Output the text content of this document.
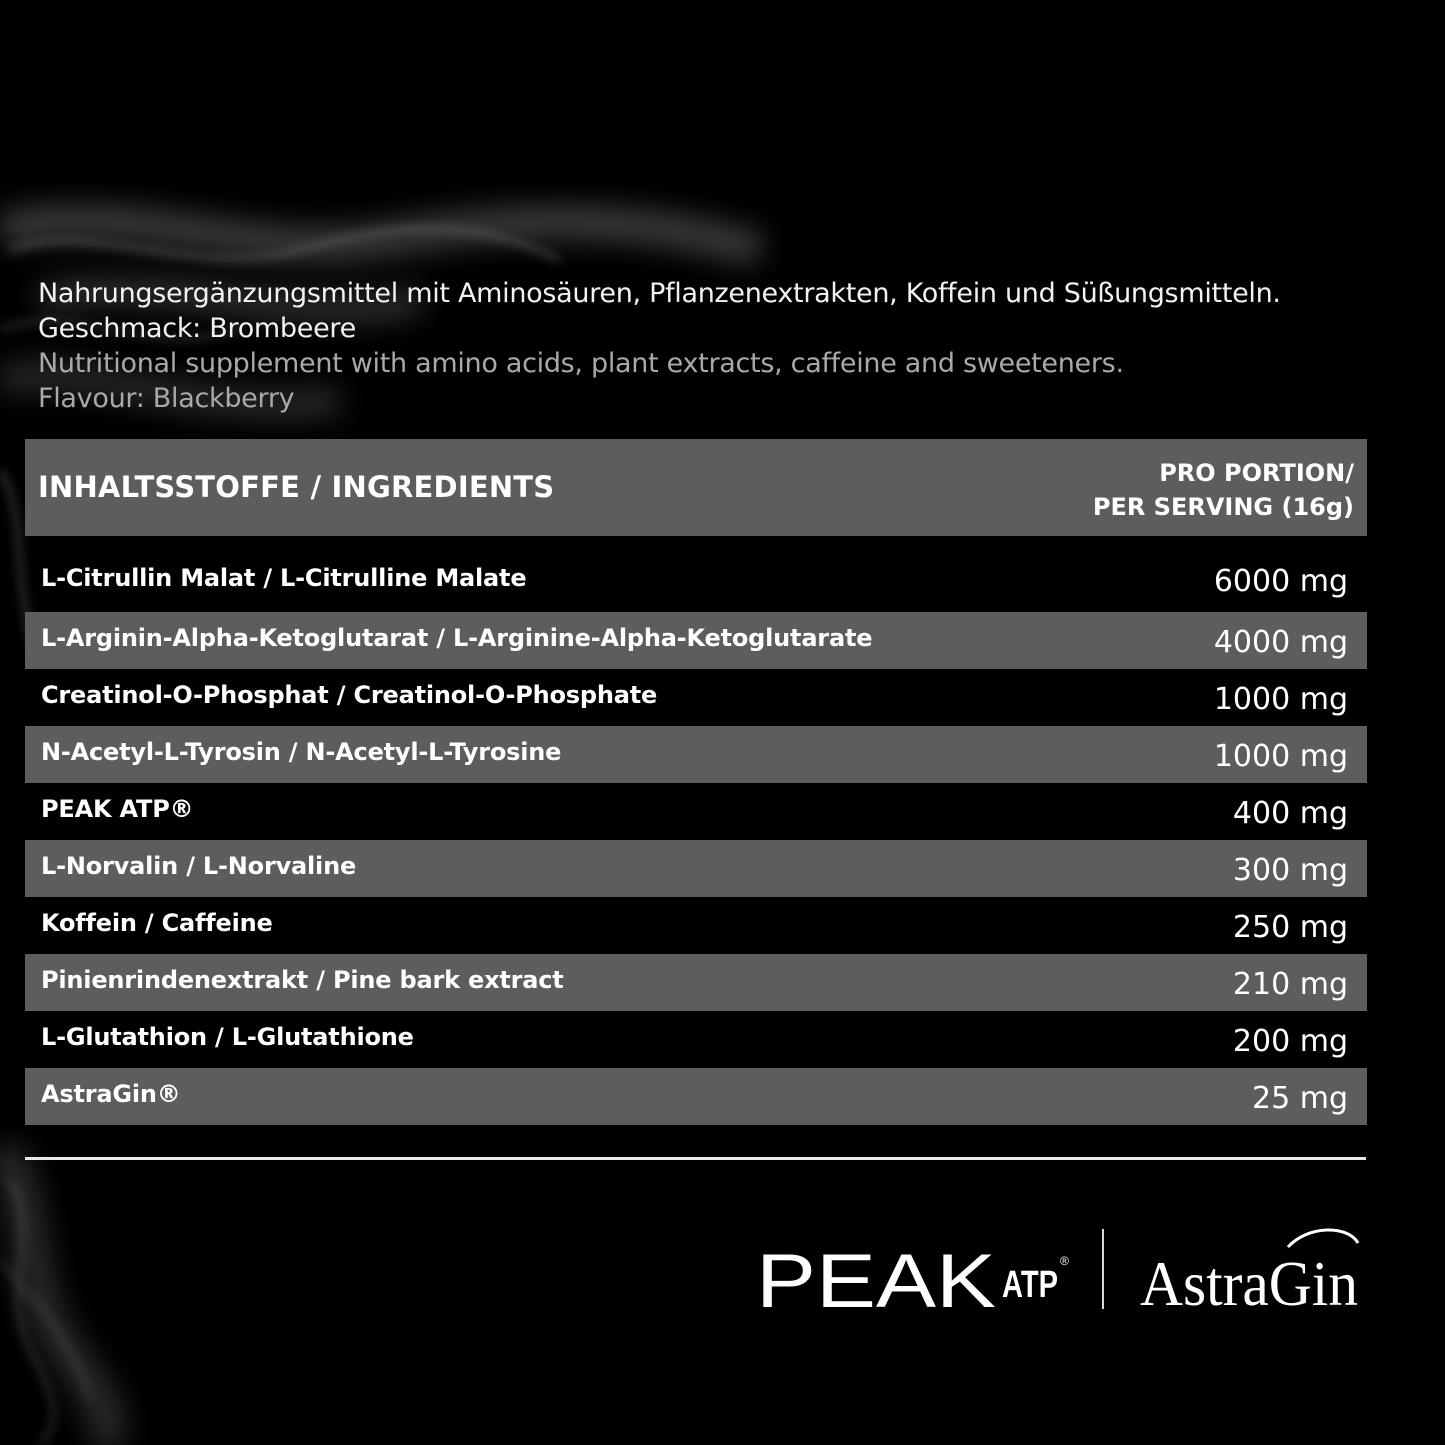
Nahrungsergänzungsmittel mit Aminosäuren, Pflanzenextrakten, Koffein und Süßungsmitteln.
Geschmack: Brombeere
Nutritional supplement with amino acids, plant extracts, caffeine and sweeteners.
Flavour: Blackberry
INHALTSSTOFFE / INGREDIENTS	PRO PORTION/
PER SERVING (16g)
L-Citrullin Malat / L-Citrulline Malate	6000 mg
L-Arginin-Alpha-Ketoglutarat / L-Arginine-Alpha-Ketoglutarate	4000 mg
Creatinol-O-Phosphat / Creatinol-O-Phosphate	1000 mg
N-Acetyl-L-Tyrosin / N-Acetyl-L-Tyrosine	1000 mg
PEAK ATP®	400 mg
L-Norvalin / L-Norvaline	300 mg
Koffein / Caffeine	250 mg
Pinienrindenextrakt / Pine bark extract	210 mg
L-Glutathion / L-Glutathione	200 mg
AstraGin®	25 mg
PEAK ATP
® AstraGin
